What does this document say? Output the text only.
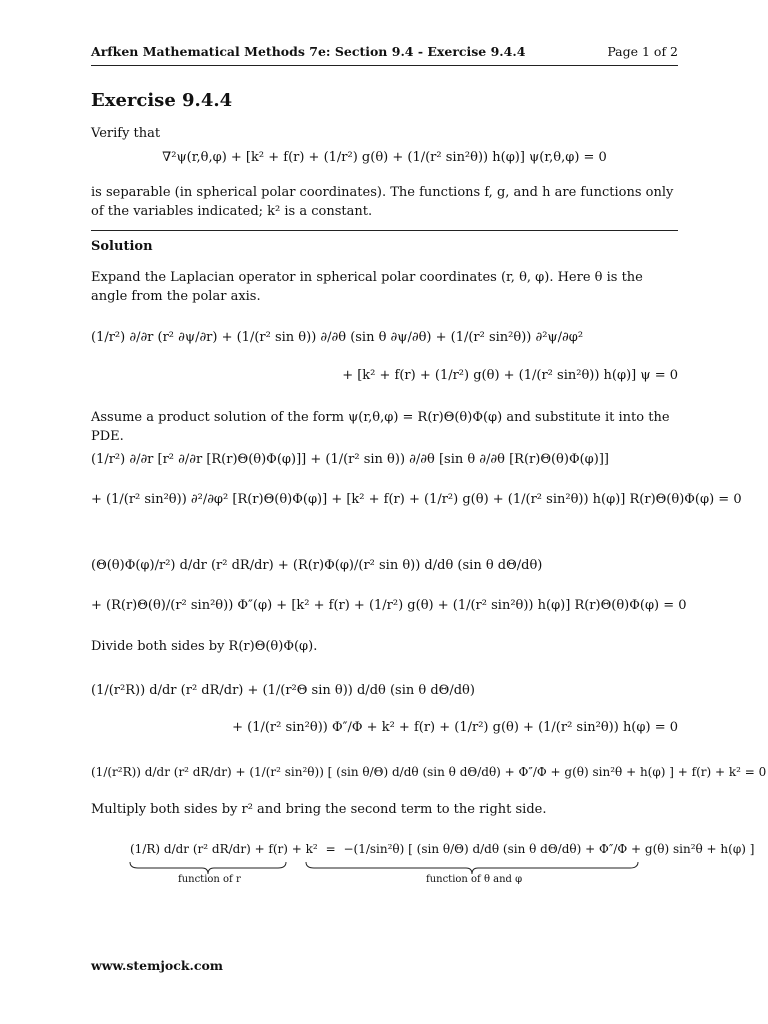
Arfken Mathematical Methods 7e: Section 9.4 - Exercise 9.4.4	Page 1 of 2
Exercise 9.4.4
Verify that
∇²ψ(r,θ,φ) + [k² + f(r) + (1/r²) g(θ) + (1/(r² sin²θ)) h(φ)] ψ(r,θ,φ) = 0
is separable (in spherical polar coordinates). The functions f, g, and h are functions only of the variables indicated; k² is a constant.
Solution
Expand the Laplacian operator in spherical polar coordinates (r, θ, φ). Here θ is the angle from the polar axis.
(1/r²) ∂/∂r (r² ∂ψ/∂r) + (1/(r² sin θ)) ∂/∂θ (sin θ ∂ψ/∂θ) + (1/(r² sin²θ)) ∂²ψ/∂φ²
+ [k² + f(r) + (1/r²) g(θ) + (1/(r² sin²θ)) h(φ)] ψ = 0
Assume a product solution of the form ψ(r,θ,φ) = R(r)Θ(θ)Φ(φ) and substitute it into the PDE.
(1/r²) ∂/∂r [r² ∂/∂r [R(r)Θ(θ)Φ(φ)]] + (1/(r² sin θ)) ∂/∂θ [sin θ ∂/∂θ [R(r)Θ(θ)Φ(φ)]]
+ (1/(r² sin²θ)) ∂²/∂φ² [R(r)Θ(θ)Φ(φ)] + [k² + f(r) + (1/r²) g(θ) + (1/(r² sin²θ)) h(φ)] R(r)Θ(θ)Φ(φ) = 0
(Θ(θ)Φ(φ)/r²) d/dr (r² dR/dr) + (R(r)Φ(φ)/(r² sin θ)) d/dθ (sin θ dΘ/dθ)
+ (R(r)Θ(θ)/(r² sin²θ)) Φ″(φ) + [k² + f(r) + (1/r²) g(θ) + (1/(r² sin²θ)) h(φ)] R(r)Θ(θ)Φ(φ) = 0
Divide both sides by R(r)Θ(θ)Φ(φ).
(1/(r²R)) d/dr (r² dR/dr) + (1/(r²Θ sin θ)) d/dθ (sin θ dΘ/dθ)
+ (1/(r² sin²θ)) Φ″/Φ + k² + f(r) + (1/r²) g(θ) + (1/(r² sin²θ)) h(φ) = 0
(1/(r²R)) d/dr (r² dR/dr) + (1/(r² sin²θ)) [ (sin θ/Θ) d/dθ (sin θ dΘ/dθ) + Φ″/Φ + g(θ) sin²θ + h(φ) ] + f(r) + k² = 0
Multiply both sides by r² and bring the second term to the right side.
(1/R) d/dr (r² dR/dr) + f(r) + k² = −(1/sin²θ) [ (sin θ/Θ) d/dθ (sin θ dΘ/dθ) + Φ″/Φ + g(θ) sin²θ + h(φ) ]
function of r	function of θ and φ
www.stemjock.com
